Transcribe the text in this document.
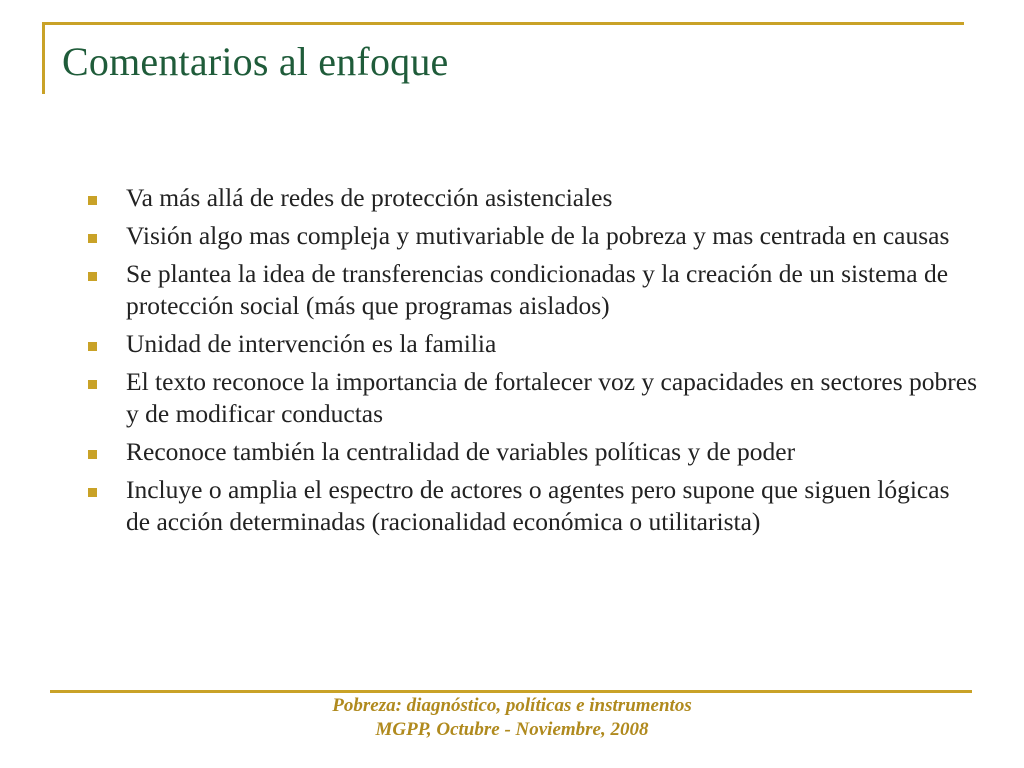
Comentarios al enfoque
Va más allá de redes de protección asistenciales
Visión algo mas compleja y mutivariable de la pobreza y mas centrada en causas
Se plantea la idea de transferencias condicionadas y la creación de un sistema de protección social (más que programas aislados)
Unidad de intervención es la familia
El texto reconoce la importancia de fortalecer voz y capacidades en sectores pobres y de modificar conductas
Reconoce también la centralidad de variables políticas y de poder
Incluye o amplia el espectro de actores o agentes pero supone que siguen lógicas de acción determinadas (racionalidad económica o utilitarista)
Pobreza: diagnóstico, políticas e instrumentos
MGPP, Octubre - Noviembre, 2008
